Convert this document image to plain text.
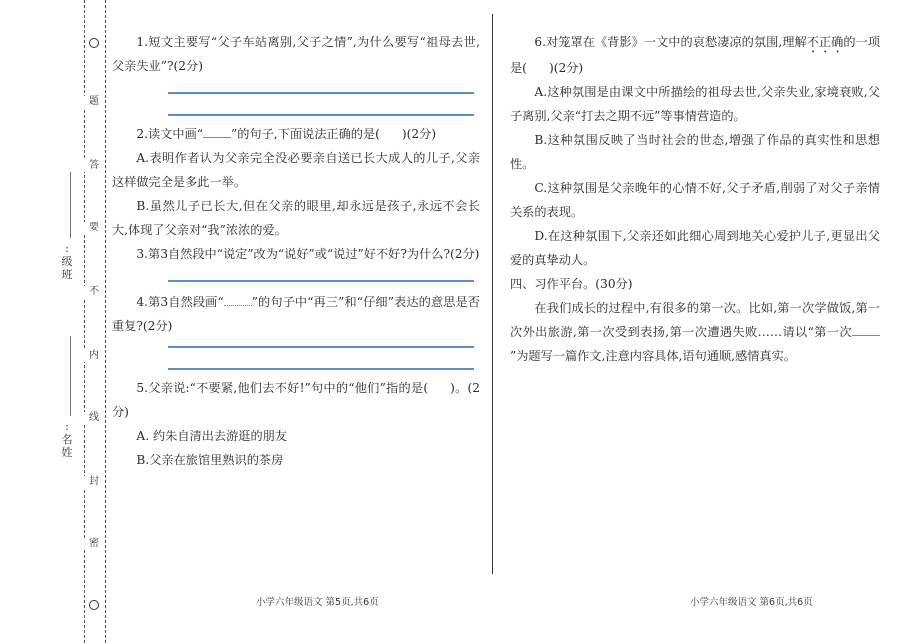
题
答
要
不
内
线
封
密
:级班
:名姓

1.短文主要写“父子车站离别,父子之情”,为什么要写“祖母去世,父亲失业”?(2分)

2.读文中画“ ”的句子,下面说法正确的是( )(2分)

A.表明作者认为父亲完全没必要亲自送已长大成人的儿子,父亲这样做完全是多此一举。

B.虽然儿子已长大,但在父亲的眼里,却永远是孩子,永远不会长大,体现了父亲对“我”浓浓的爱。

3.第3自然段中“说定”改为“说好”或“说过”好不好?为什么?(2分)

4.第3自然段画“ ”的句子中“再三”和“仔细”表达的意思是否重复?(2分)

5.父亲说:“不要紧,他们去不好!”句中的“他们”指的是( )。(2分)

A. 约朱自清出去游逛的朋友

B.父亲在旅馆里熟识的茶房

6.对笼罩在《背影》一文中的哀愁凄凉的氛围,理解不正确的一项是( )(2分)

A.这种氛围是由课文中所描绘的祖母去世,父亲失业,家境衰败,父子离别,父亲“打去之期不远”等事情营造的。

B.这种氛围反映了当时社会的世态,增强了作品的真实性和思想性。

C.这种氛围是父亲晚年的心情不好,父子矛盾,削弱了对父子亲情关系的表现。

D.在这种氛围下,父亲还如此细心周到地关心爱护儿子,更显出父爱的真挚动人。

四、习作平台。(30分)

在我们成长的过程中,有很多的第一次。比如,第一次学做饭,第一次外出旅游,第一次受到表扬,第一次遭遇失败……请以“第一次”为题写一篇作文,注意内容具体,语句通顺,感情真实。

小学六年级语文 第5页,共6页	小学六年级语文 第6页,共6页
